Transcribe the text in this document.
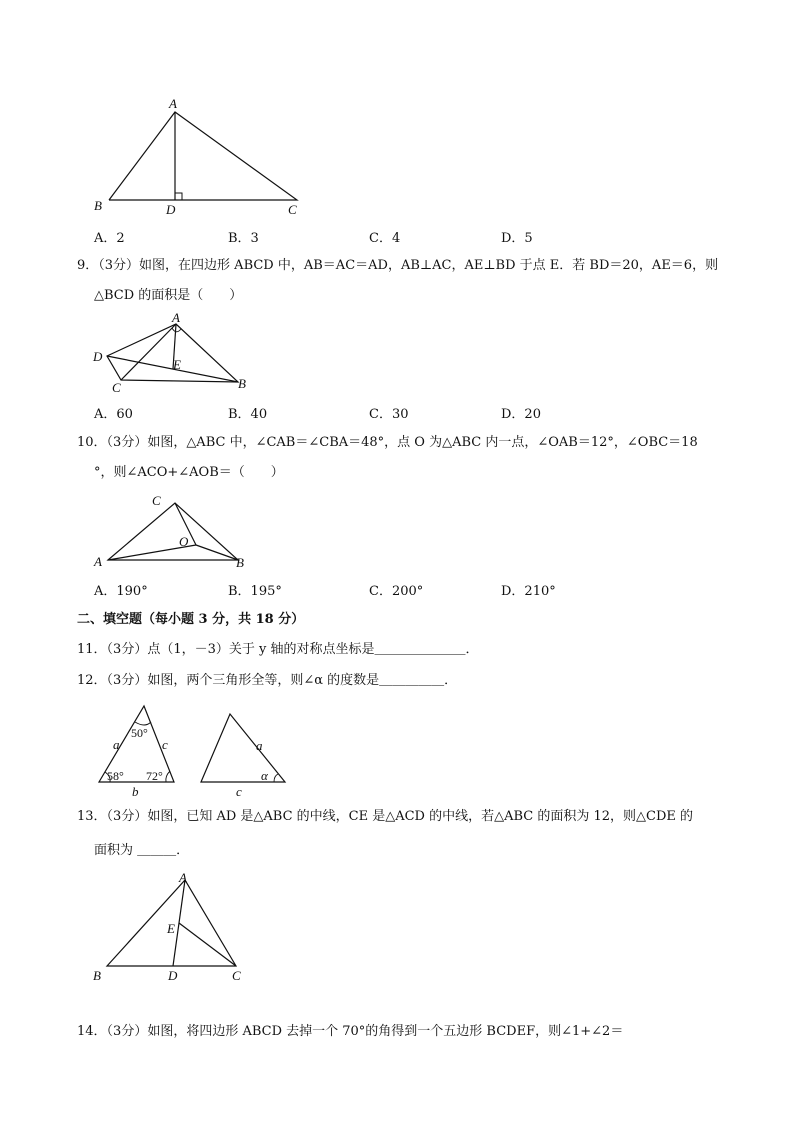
A
B	D	C
A．2	B．3	C．4	D．5
9．（3分）如图，在四边形 ABCD 中，AB＝AC＝AD，AB⊥AC，AE⊥BD 于点 E．若 BD＝20，AE＝6，则
△BCD 的面积是（　　）
A
D
E
C	B
A．60	B．40	C．30	D．20
10．（3分）如图，△ABC 中，∠CAB＝∠CBA＝48°，点 O 为△ABC 内一点，∠OAB＝12°，∠OBC＝18
°，则∠ACO+∠AOB＝（　　）
C
A
O
B
A．190°	B．195°	C．200°	D．210°
二、填空题（每小题 3 分，共 18 分）
11．（3分）点（1，－3）关于 y 轴的对称点坐标是＿＿＿＿＿＿＿．
12．（3分）如图，两个三角形全等，则∠α 的度数是＿＿＿＿＿．
a	c
b
50°
58° 72°
a
c
α
13．（3分）如图，已知 AD 是△ABC 的中线，CE 是△ACD 的中线，若△ABC 的面积为 12，则△CDE 的
面积为 ＿＿＿．
A
E
B	D	C
14．（3分）如图，将四边形 ABCD 去掉一个 70°的角得到一个五边形 BCDEF，则∠1+∠2＝
